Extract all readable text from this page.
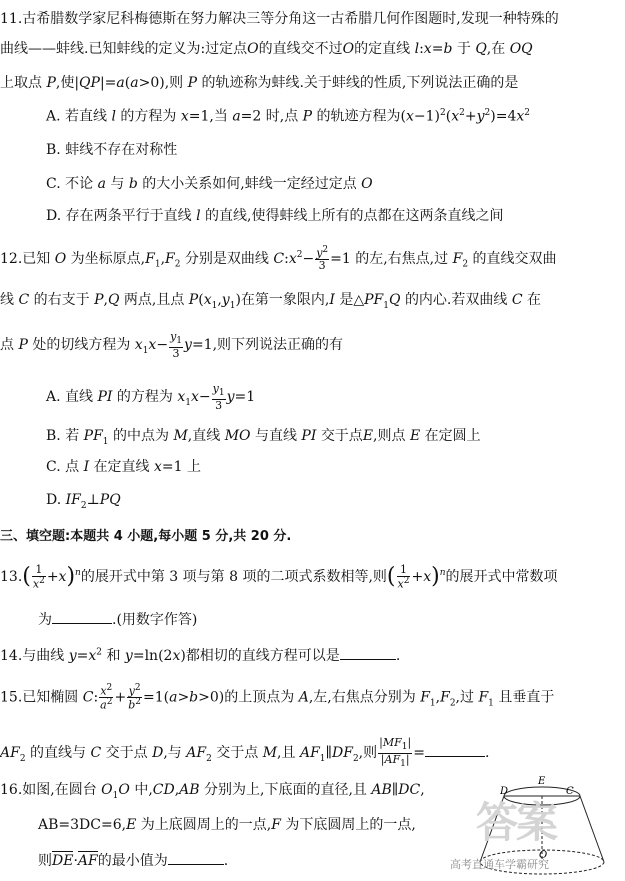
11.古希腊数学家尼科梅德斯在努力解决三等分角这一古希腊几何作图题时,发现一种特殊的
曲线——蚌线.已知蚌线的定义为:过定点O的直线交不过O的定直线 l:x=b 于 Q,在 OQ
上取点 P,使|QP|=a(a>0),则 P 的轨迹称为蚌线.关于蚌线的性质,下列说法正确的是
A. 若直线 l 的方程为 x=1,当 a=2 时,点 P 的轨迹方程为$(x-1)^2(x^2+y^2)=4x^2$
B. 蚌线不存在对称性
C. 不论 a 与 b 的大小关系如何,蚌线一定经过定点 O
D. 存在两条平行于直线 l 的直线,使得蚌线上所有的点都在这两条直线之间
12.已知 O 为坐标原点$,F_1,F_2$ 分别是双曲线 $C:x^2- \frac{y^2}{3} =1$ 的左,右焦点,过 $F_2$ 的直线交双曲
线 C 的右支于 P,Q 两点,且点 $P(x_1,y_1)$在第一象限内,I 是$\triangle PF_1Q$ 的内心.若双曲线 C 在
点 P 处的切线方程为 $x_1x- \frac{y_1}{3} y=1$,则下列说法正确的有
A. 直线 PI 的方程为 $x_1x- \frac{y_1}{3} y=1$
B. 若 $PF_1$ 的中点为 M,直线 MO 与直线 PI 交于点E,则点 E 在定圆上
C. 点 I 在定直线 x=1 上
D. $IF_2\perp PQ$
三、填空题:本题共 4 小题,每小题 5 分,共 20 分.
$13.( \frac{1}{x^2} +x)^n$的展开式中第 3 项与第 8 项的二项式系数相等,则( $\frac{1}{x^2} +x)^n$的展开式中常数项
为	.(用数字作答)
14.与曲线 $y=x^2$ 和 y=ln(2x)都相切的直线方程可以是	.
15.已知椭圆 C: $\frac{x^2}{a^2} + \frac{y^2}{b^2} =1(a>b>0)$的上顶点为 A,左,右焦点分别为 $F_1,F_2$,过 $F_1$ 且垂直于
$AF_2$ 的直线与 C 交于点 D,与 $AF_2$ 交于点 M,且 $AF_1\parallel DF_2$,则 $\frac{|MF_1|}{|AF_1|}$ =	.
16.如图,在圆台 $O_1O$ 中,CD,AB 分别为上,下底面的直径,且 AB∥DC,
AB=3DC=6,E 为上底圆周上的一点,F 为下底圆周上的一点,
则DE·AF的最小值为	.
E
D	C
O
答案
高考直通车学霸研究
